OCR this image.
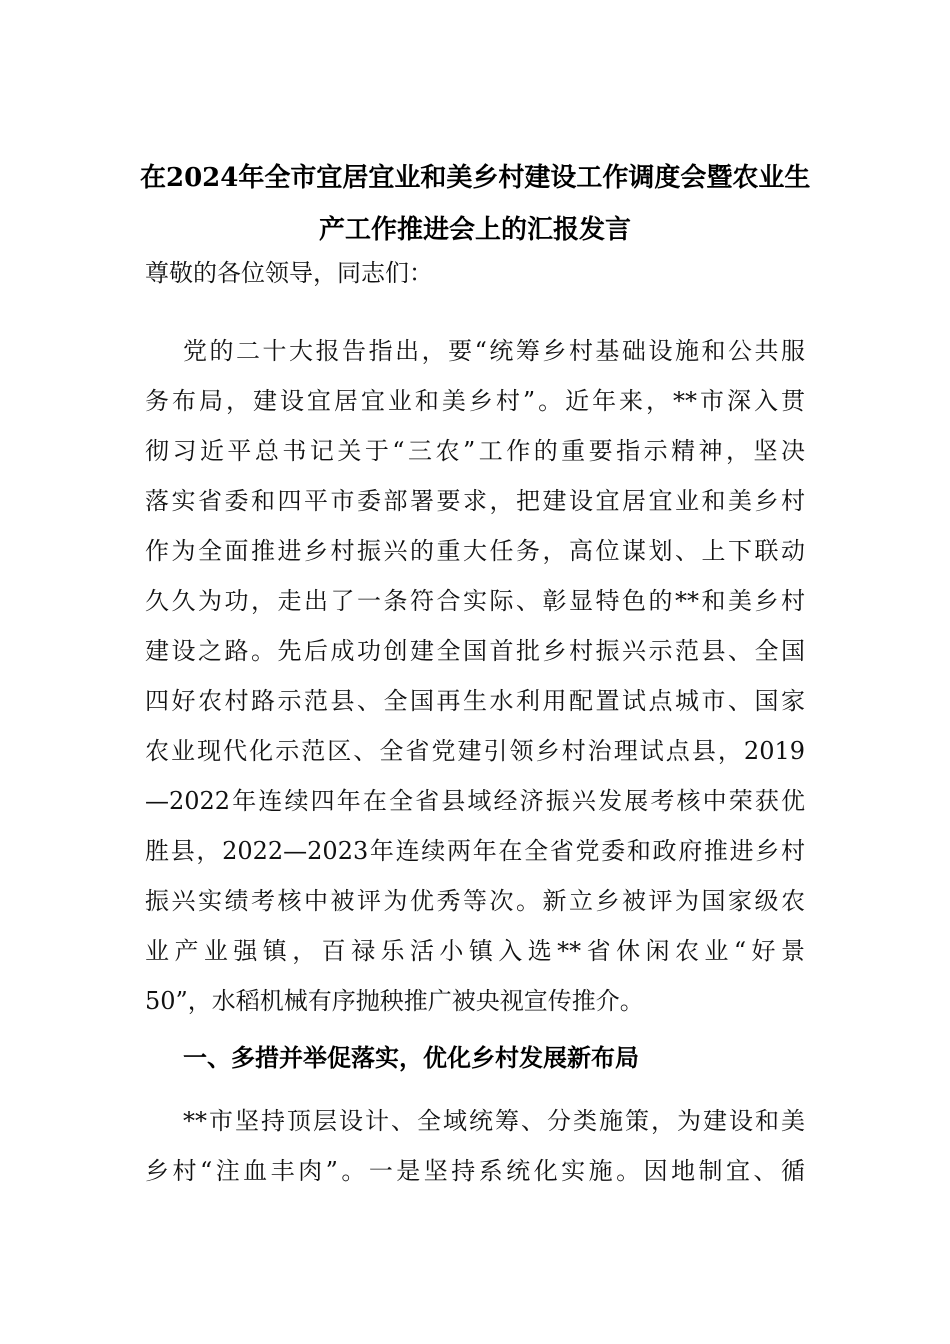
在2024年全市宜居宜业和美乡村建设工作调度会暨农业生
产工作推进会上的汇报发言
尊敬的各位领导，同志们：
党的二十大报告指出，要“统筹乡村基础设施和公共服
务布局，建设宜居宜业和美乡村”。近年来，**市深入贯
彻习近平总书记关于“三农”工作的重要指示精神，坚决
落实省委和四平市委部署要求，把建设宜居宜业和美乡村
作为全面推进乡村振兴的重大任务，高位谋划、上下联动
久久为功，走出了一条符合实际、彰显特色的**和美乡村
建设之路。先后成功创建全国首批乡村振兴示范县、全国
四好农村路示范县、全国再生水利用配置试点城市、国家
农业现代化示范区、全省党建引领乡村治理试点县，2019
—2022年连续四年在全省县域经济振兴发展考核中荣获优
胜县，2022—2023年连续两年在全省党委和政府推进乡村
振兴实绩考核中被评为优秀等次。新立乡被评为国家级农
业产业强镇，百禄乐活小镇入选**省休闲农业“好景
50”，水稻机械有序抛秧推广被央视宣传推介。
一、多措并举促落实，优化乡村发展新布局
**市坚持顶层设计、全域统筹、分类施策，为建设和美
乡村“注血丰肉”。一是坚持系统化实施。因地制宜、循
